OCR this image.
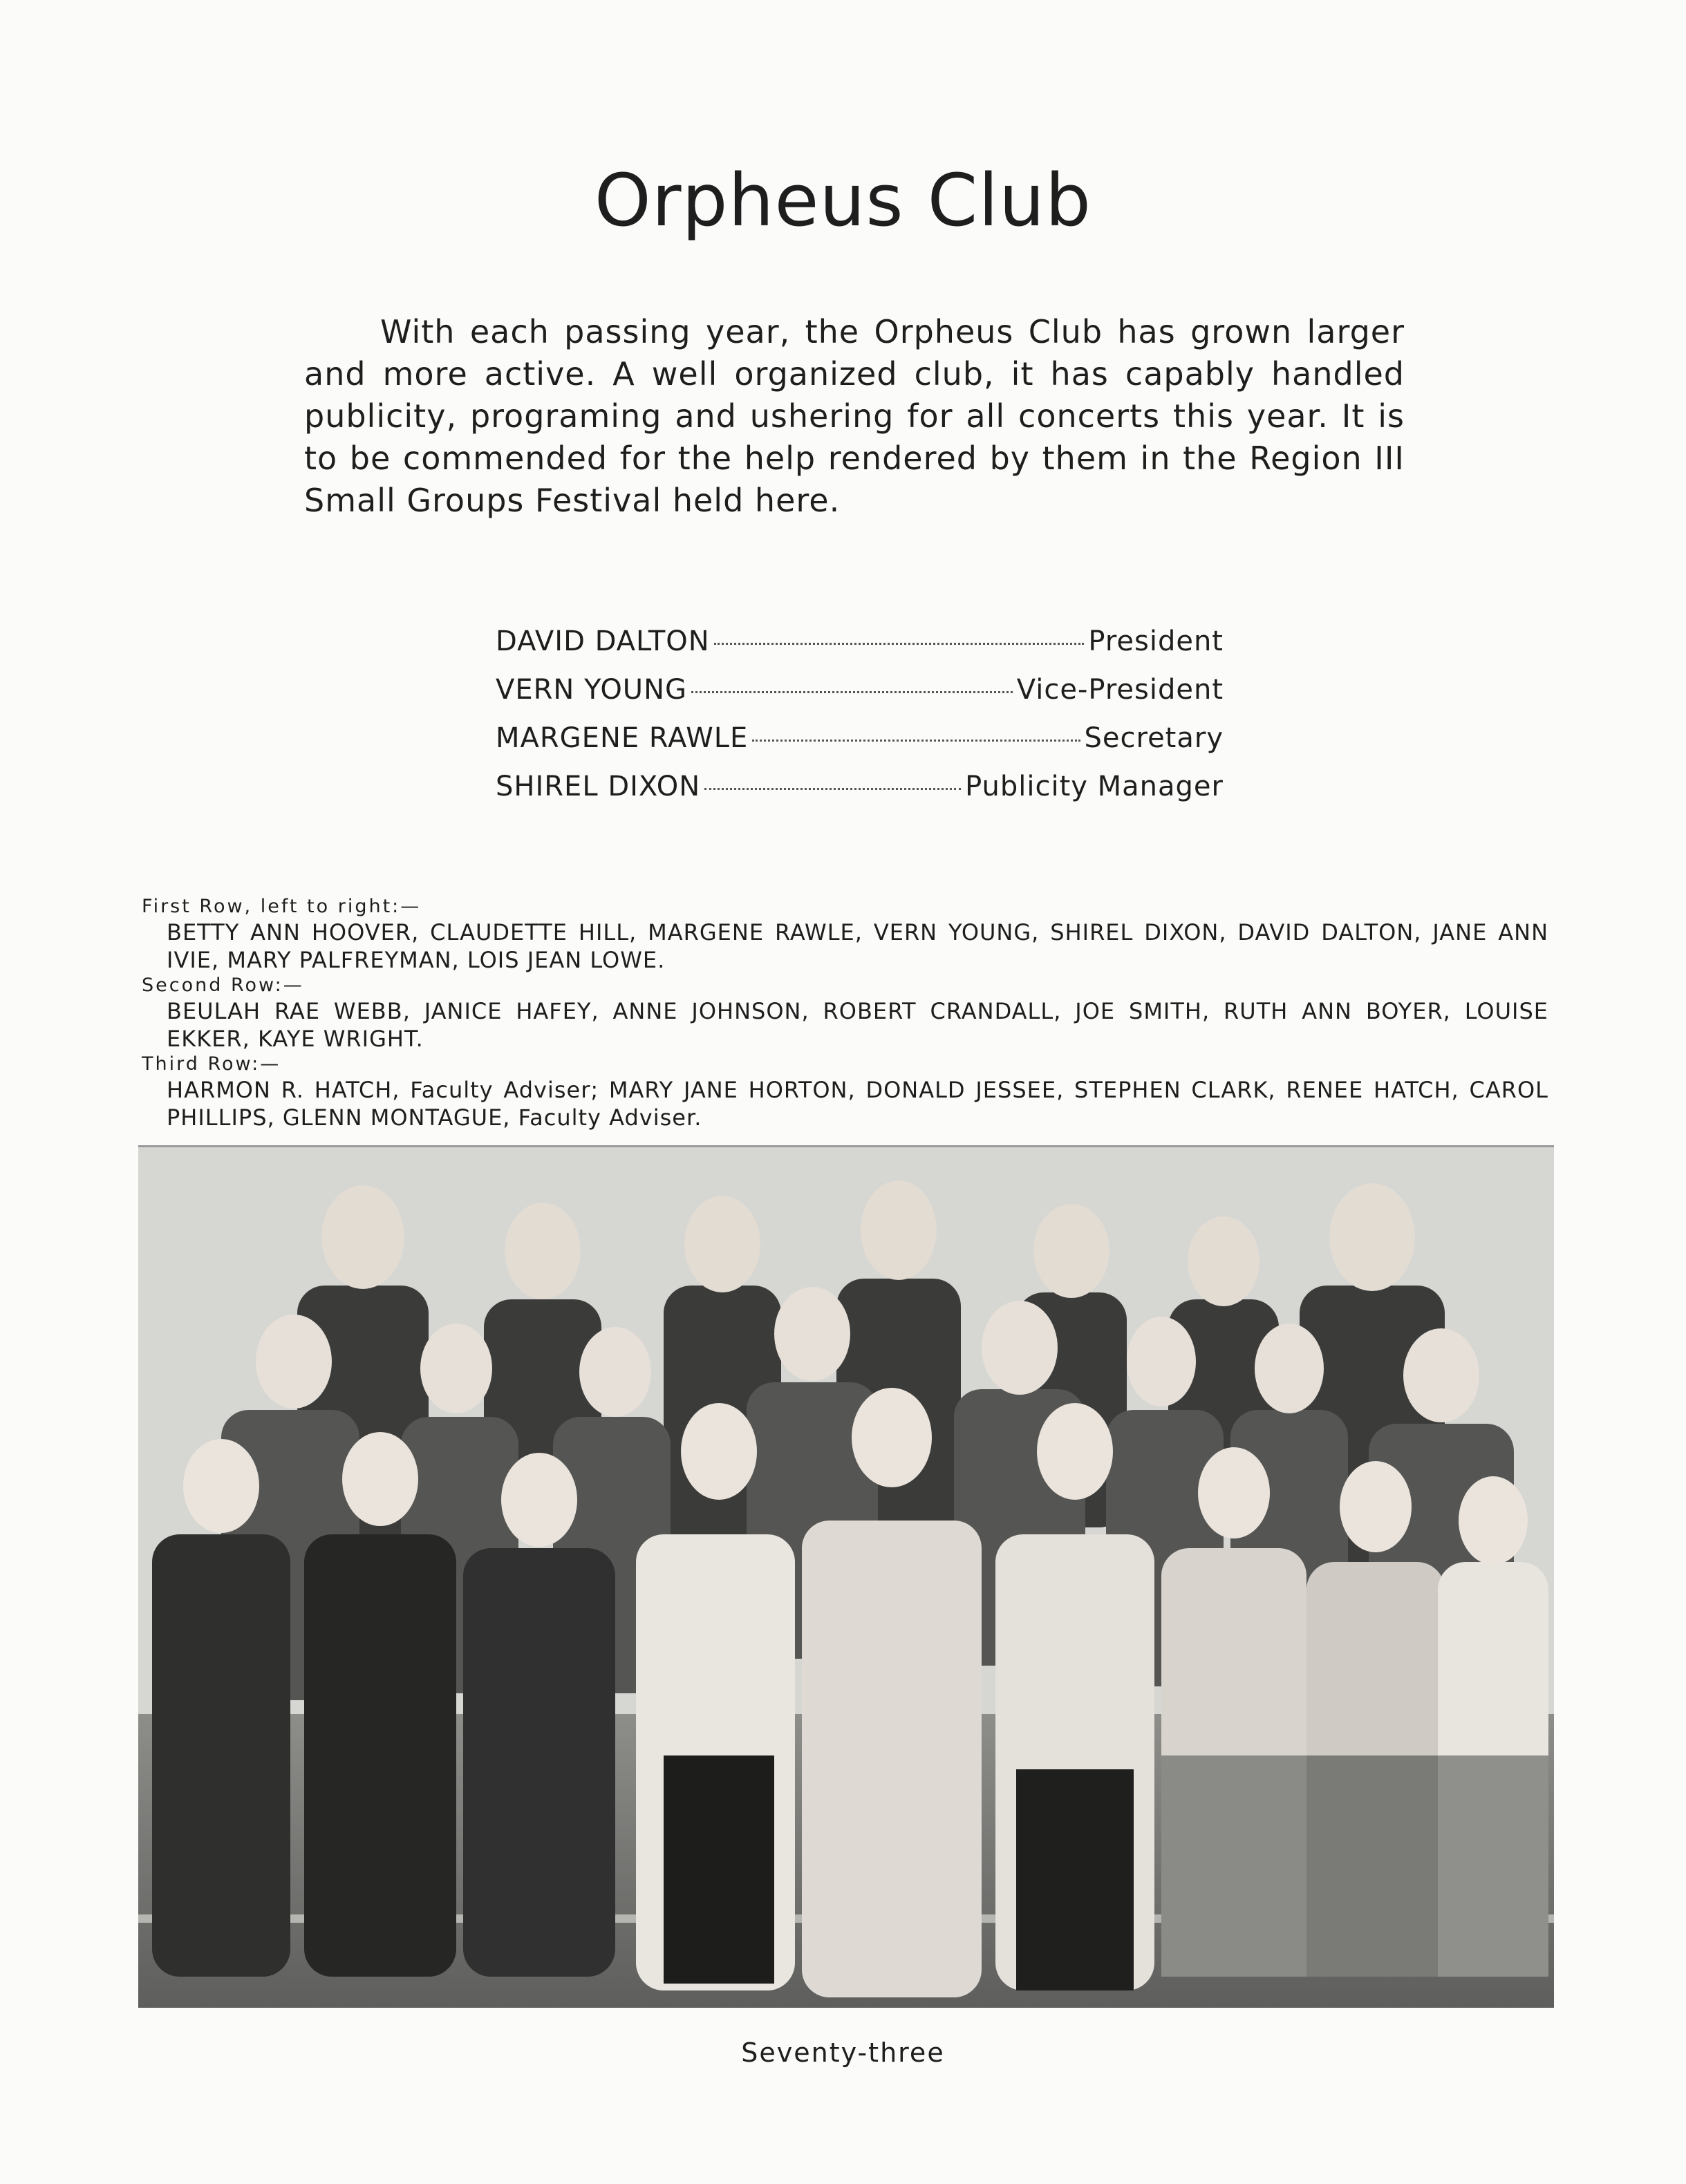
Orpheus Club

With each passing year, the Orpheus Club has grown larger and more active. A well organized club, it has capably handled publicity, programing and ushering for all concerts this year. It is to be commended for the help rendered by them in the Region III Small Groups Festival held here.

DAVID DALTON	President
VERN YOUNG	Vice-President
MARGENE RAWLE	Secretary
SHIREL DIXON	Publicity Manager

First Row, left to right:—

BETTY ANN HOOVER, CLAUDETTE HILL, MARGENE RAWLE, VERN YOUNG, SHIREL DIXON, DAVID DALTON, JANE ANN IVIE, MARY PALFREYMAN, LOIS JEAN LOWE.

Second Row:—

BEULAH RAE WEBB, JANICE HAFEY, ANNE JOHNSON, ROBERT CRANDALL, JOE SMITH, RUTH ANN BOYER, LOUISE EKKER, KAYE WRIGHT.

Third Row:—

HARMON R. HATCH, Faculty Adviser; MARY JANE HORTON, DONALD JESSEE, STEPHEN CLARK, RENEE HATCH, CAROL PHILLIPS, GLENN MONTAGUE, Faculty Adviser.

Seventy-three
